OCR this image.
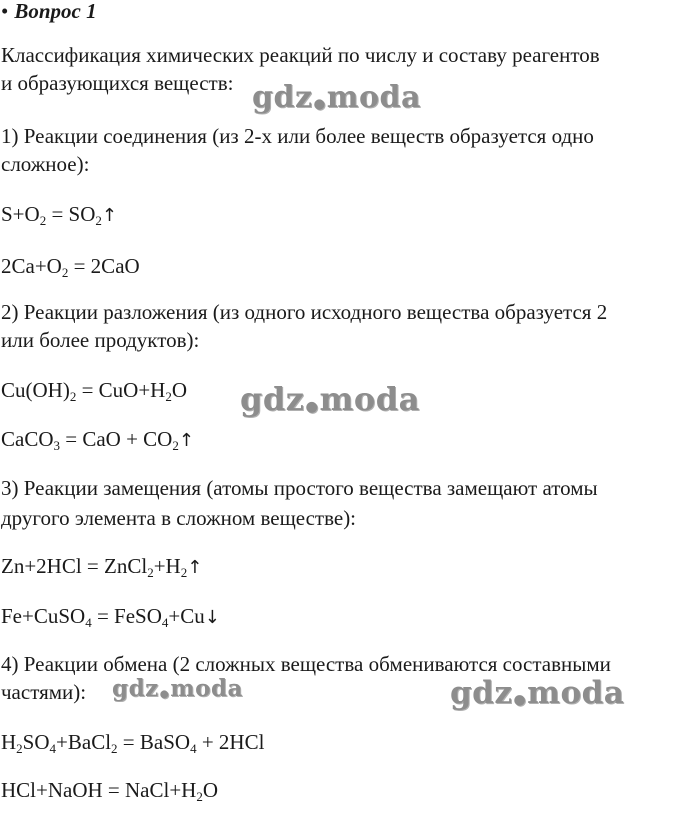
• Вопрос 1
Классификация химических реакций по числу и составу реагентов
и образующихся веществ:
1) Реакции соединения (из 2-х или более веществ образуется одно
сложное):
$S+O_2$ = $SO_2↑$
$2Ca+O_2 = 2CaO$
2) Реакции разложения (из одного исходного вещества образуется 2
или более продуктов):
$Cu(OH)_2 = CuO+H_2O$
CaCO$_3$ = CaO + $CO_2↑$
3) Реакции замещения (атомы простого вещества замещают атомы
другого элемента в сложном веществе):
$Zn+2HCl = ZnCl_2+H_2↑$
Fe+CuSO$_4$ = FeSO$_4$+Cu↓
4) Реакции обмена (2 сложных вещества обмениваются составными
частями):
$H_2SO_4+BaCl_2$ = BaSO$_4$ + 2HCl
HCl+NaOH = $NaCl+H_2O$
gdz●moda
gdz●moda
gdz●moda	gdz●moda
